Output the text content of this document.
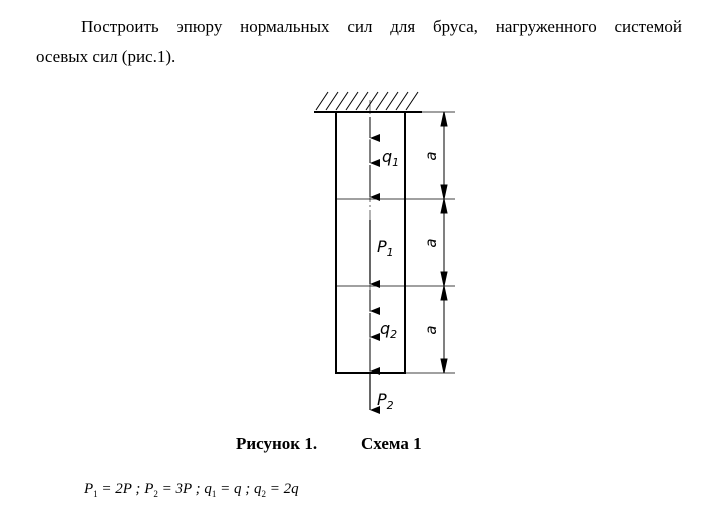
Построить эпюру нормальных сил для бруса, нагруженного системой
осевых сил (рис.1).

$q_1$
$P_1$
$q_2$
$P_2$
a
a
a
Рисунок 1.	Схема 1
$P_1 = 2P$ ; $P_2 = 3P$ ; $q_1 = q$ ; $q_2 = 2q$
